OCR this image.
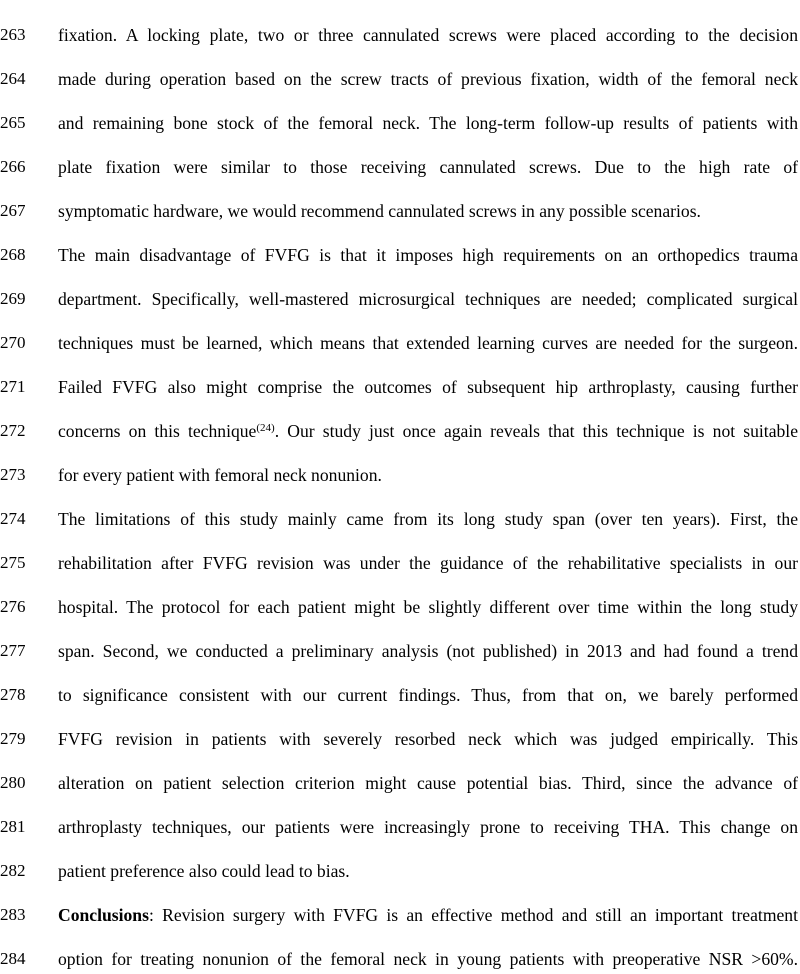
263	fixation. A locking plate, two or three cannulated screws were placed according to the decision
264	made during operation based on the screw tracts of previous fixation, width of the femoral neck
265	and remaining bone stock of the femoral neck. The long-term follow-up results of patients with
266	plate fixation were similar to those receiving cannulated screws. Due to the high rate of
267	symptomatic hardware, we would recommend cannulated screws in any possible scenarios.
268	The main disadvantage of FVFG is that it imposes high requirements on an orthopedics trauma
269	department. Specifically, well-mastered microsurgical techniques are needed; complicated surgical
270	techniques must be learned, which means that extended learning curves are needed for the surgeon.
271	Failed FVFG also might comprise the outcomes of subsequent hip arthroplasty, causing further
272	concerns on this technique$^{(24)}$. Our study just once again reveals that this technique is not suitable
273	for every patient with femoral neck nonunion.
274	The limitations of this study mainly came from its long study span (over ten years). First, the
275	rehabilitation after FVFG revision was under the guidance of the rehabilitative specialists in our
276	hospital. The protocol for each patient might be slightly different over time within the long study
277	span. Second, we conducted a preliminary analysis (not published) in 2013 and had found a trend
278	to significance consistent with our current findings. Thus, from that on, we barely performed
279	FVFG revision in patients with severely resorbed neck which was judged empirically. This
280	alteration on patient selection criterion might cause potential bias. Third, since the advance of
281	arthroplasty techniques, our patients were increasingly prone to receiving THA. This change on
282	patient preference also could lead to bias.
283	Conclusions: Revision surgery with FVFG is an effective method and still an important treatment
284	option for treating nonunion of the femoral neck in young patients with preoperative NSR >60%.
